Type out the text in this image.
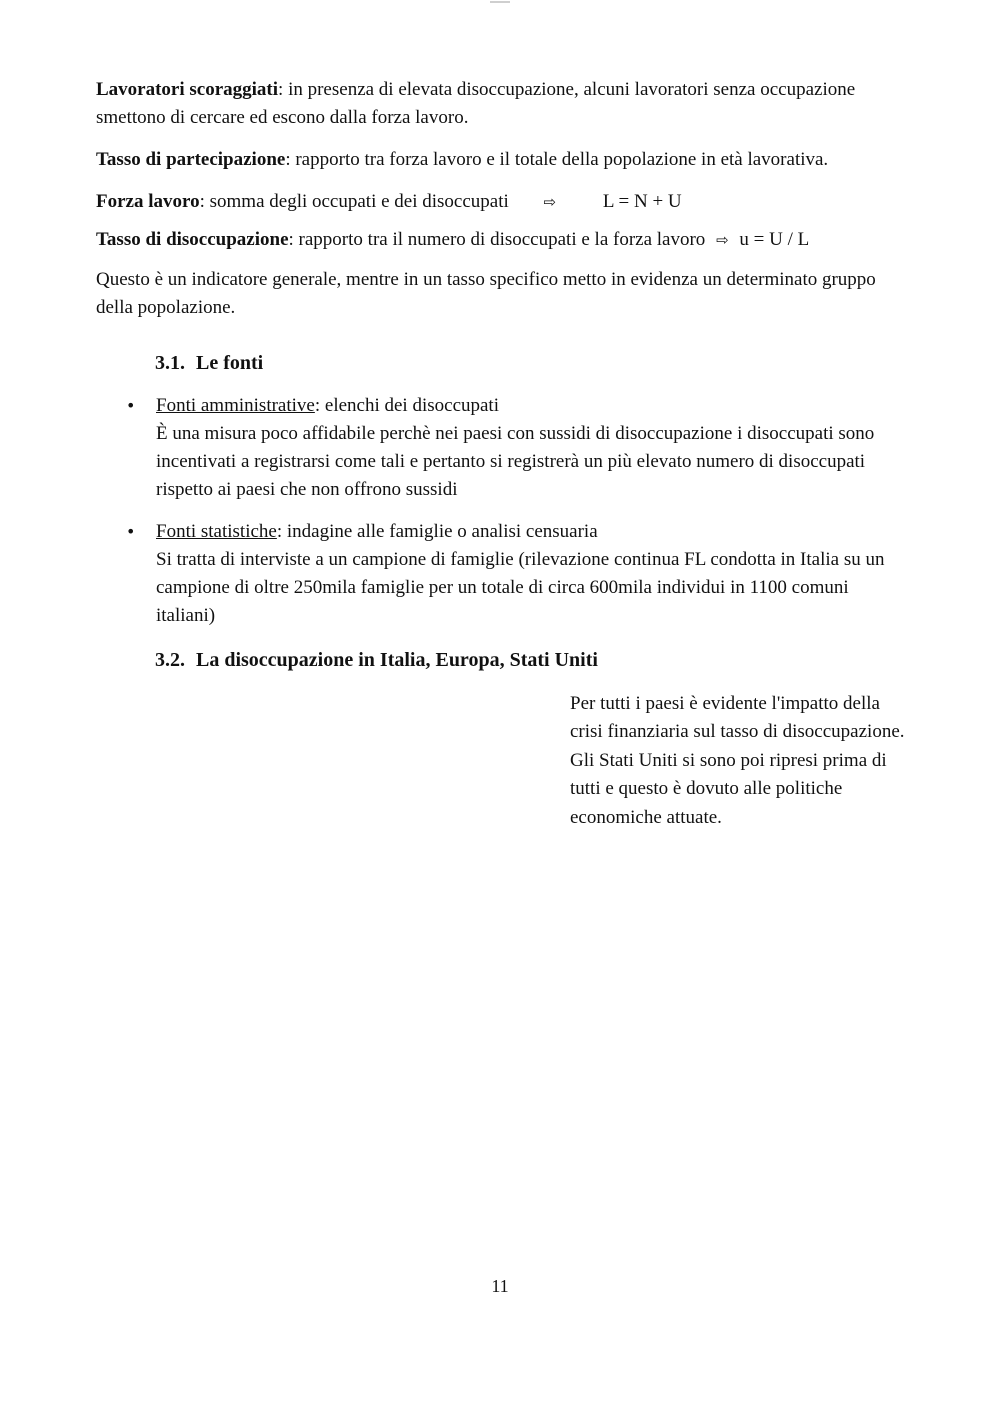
Lavoratori scoraggiati: in presenza di elevata disoccupazione, alcuni lavoratori senza occupazione smettono di cercare ed escono dalla forza lavoro.

Tasso di partecipazione: rapporto tra forza lavoro e il totale della popolazione in età lavorativa.

Forza lavoro: somma degli occupati e dei disoccupati ⇨ L = N + U

Tasso di disoccupazione: rapporto tra il numero di disoccupati e la forza lavoro ⇨ u = U / L

Questo è un indicatore generale, mentre in un tasso specifico metto in evidenza un determinato gruppo della popolazione.

3.1. Le fonti
• Fonti amministrative: elenchi dei disoccupati
È una misura poco affidabile perchè nei paesi con sussidi di disoccupazione i disoccupati sono incentivati a registrarsi come tali e pertanto si registrerà un più elevato numero di disoccupati rispetto ai paesi che non offrono sussidi
• Fonti statistiche: indagine alle famiglie o analisi censuaria
Si tratta di interviste a un campione di famiglie (rilevazione continua FL condotta in Italia su un campione di oltre 250mila famiglie per un totale di circa 600mila individui in 1100 comuni italiani)
3.2. La disoccupazione in Italia, Europa, Stati Uniti
Per tutti i paesi è evidente l'impatto della crisi finanziaria sul tasso di disoccupazione. Gli Stati Uniti si sono poi ripresi prima di tutti e questo è dovuto alle politiche economiche attuate.
11
